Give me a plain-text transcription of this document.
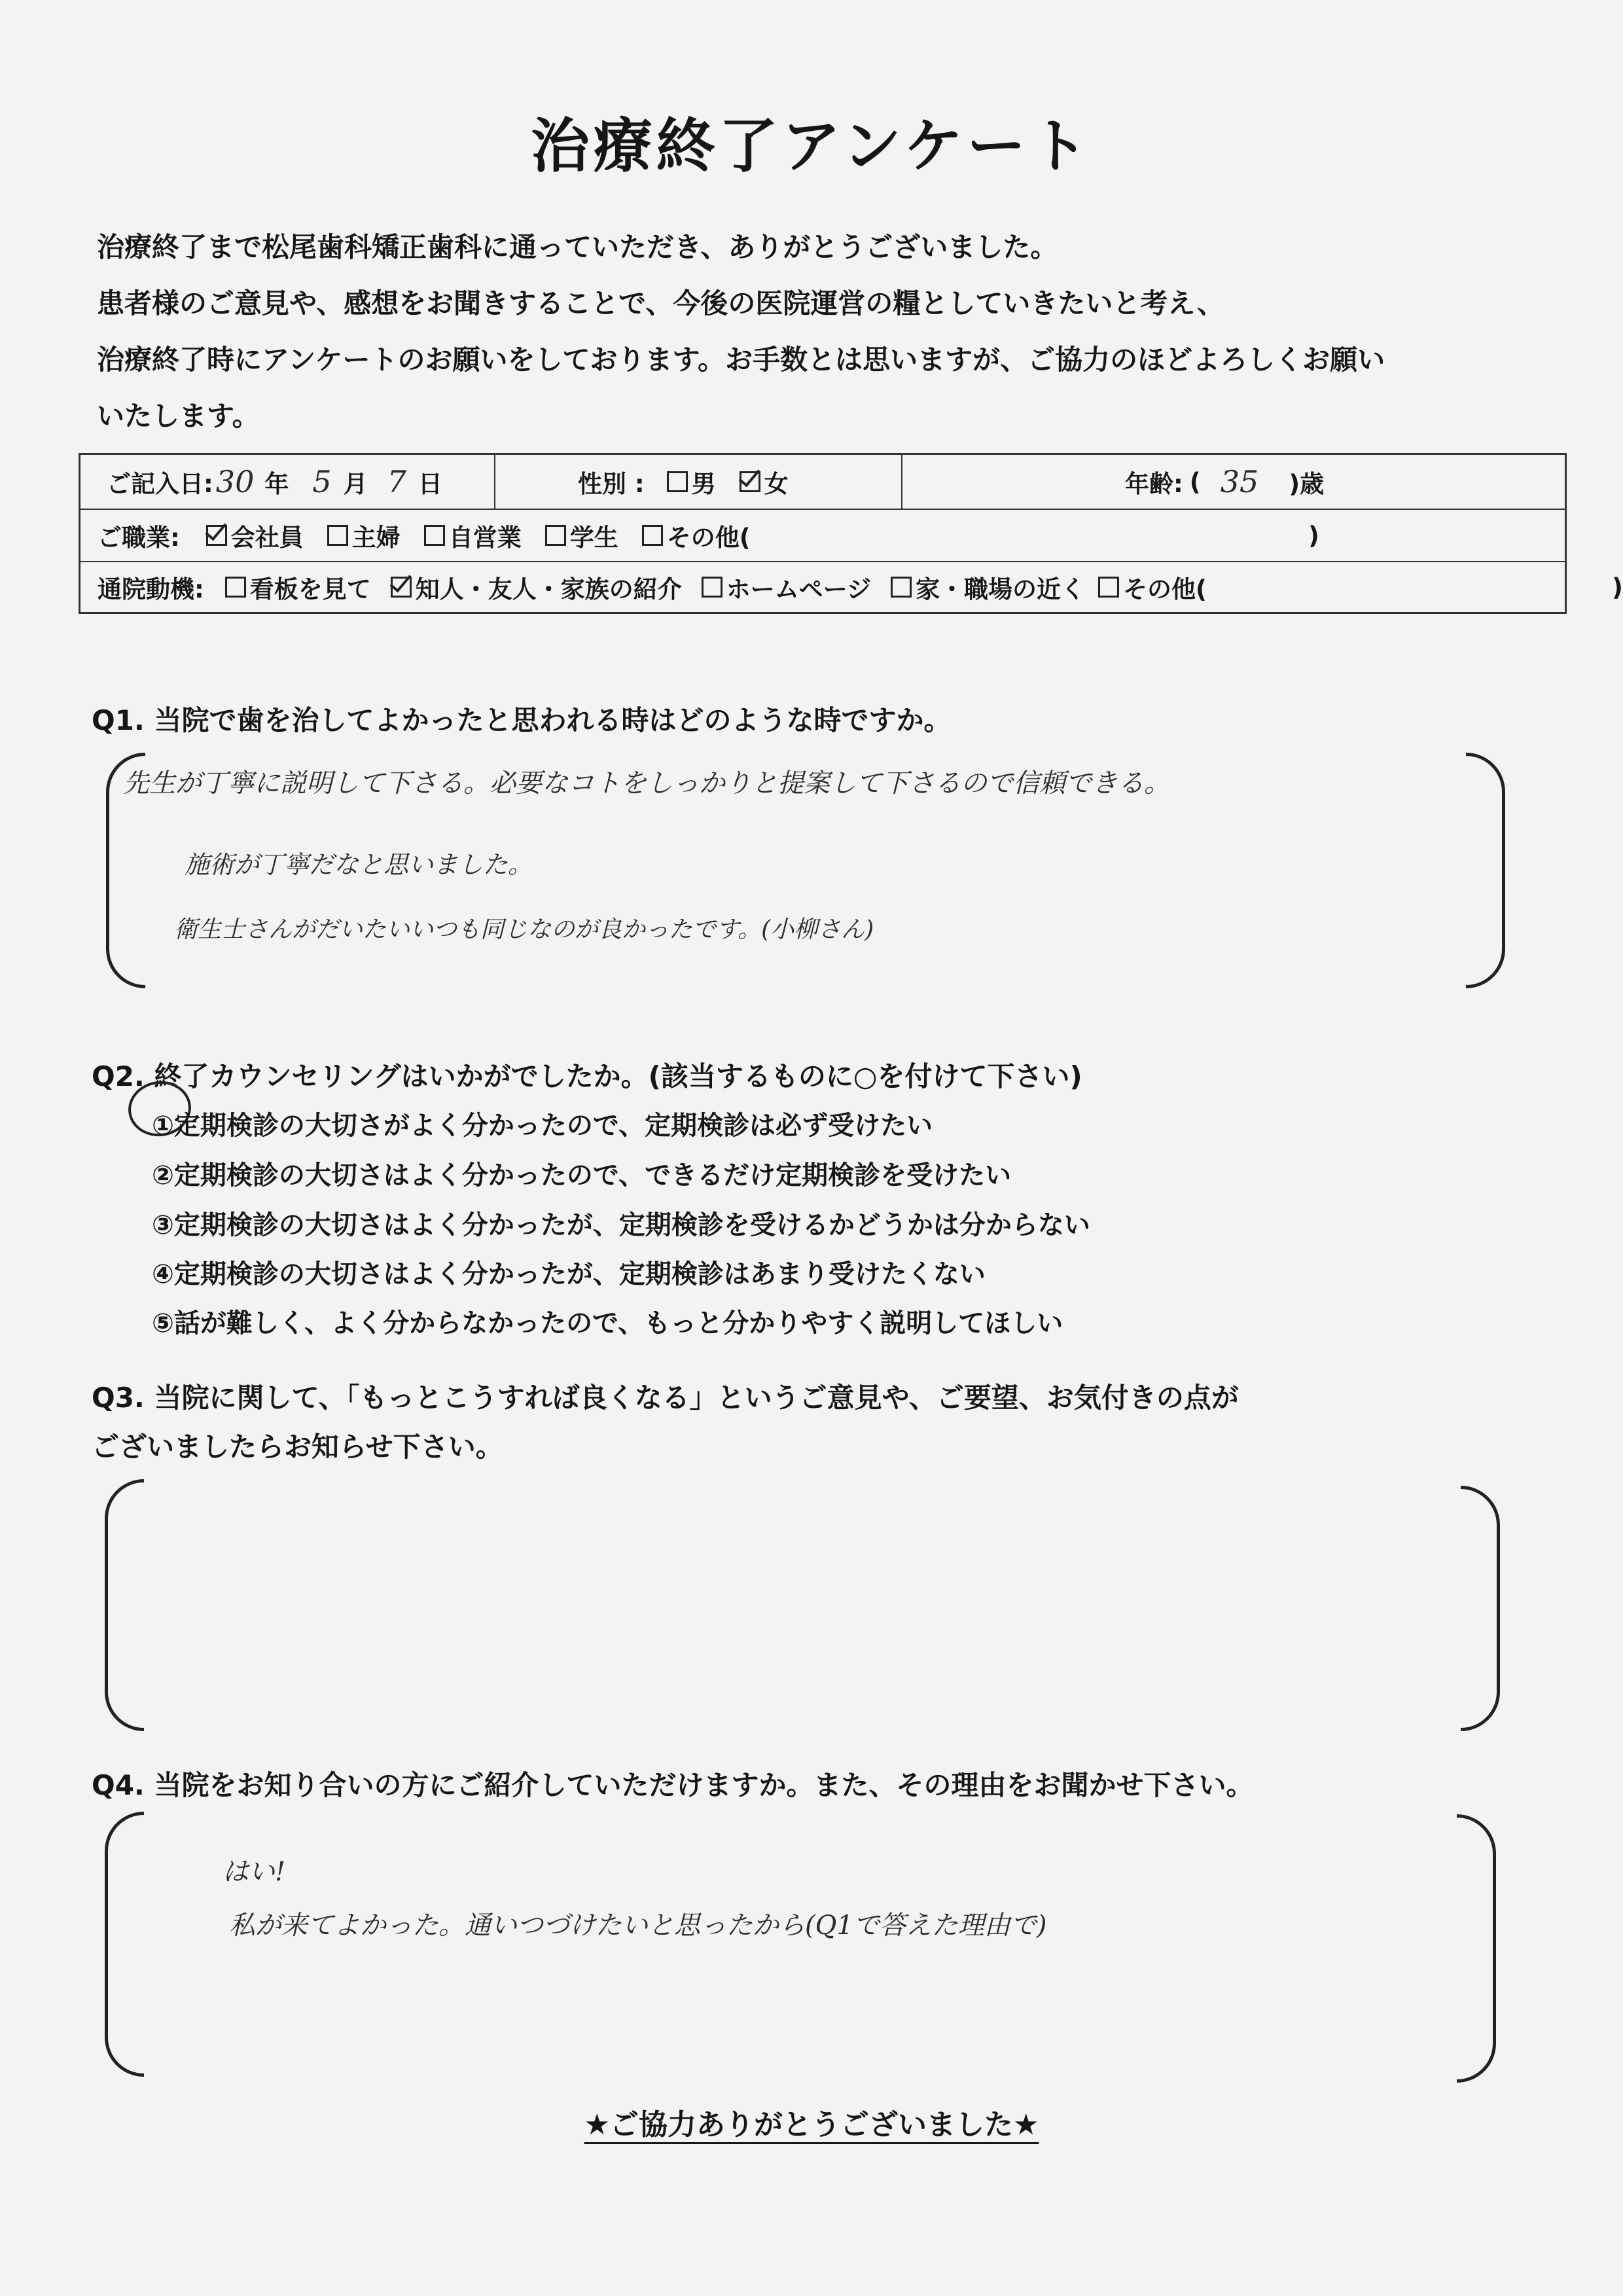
治療終了アンケート
治療終了まで松尾歯科矯正歯科に通っていただき、ありがとうございました。
患者様のご意見や、感想をお聞きすることで、今後の医院運営の糧としていきたいと考え、
治療終了時にアンケートのお願いをしております。お手数とは思いますが、ご協力のほどよろしくお願い
いたします。
ご記入日: 30 年 5 月 7 日	性別 : 男 女	年齢: ( 35 )歳
ご職業: 会社員 主婦 自営業 学生 その他(	)
通院動機: 看板を見て 知人・友人・家族の紹介 ホームページ 家・職場の近く その他(	)
Q1. 当院で歯を治してよかったと思われる時はどのような時ですか。
先生が丁寧に説明して下さる。必要なコトをしっかりと提案して下さるので信頼できる。
施術が丁寧だなと思いました。
衛生士さんがだいたいいつも同じなのが良かったです。(小柳さん)
Q2. 終了カウンセリングはいかがでしたか。(該当するものに○を付けて下さい)
①定期検診の大切さがよく分かったので、定期検診は必ず受けたい
②定期検診の大切さはよく分かったので、できるだけ定期検診を受けたい
③定期検診の大切さはよく分かったが、定期検診を受けるかどうかは分からない
④定期検診の大切さはよく分かったが、定期検診はあまり受けたくない
⑤話が難しく、よく分からなかったので、もっと分かりやすく説明してほしい
Q3. 当院に関して、「もっとこうすれば良くなる」というご意見や、ご要望、お気付きの点が
ございましたらお知らせ下さい。
Q4. 当院をお知り合いの方にご紹介していただけますか。また、その理由をお聞かせ下さい。
はい!
私が来てよかった。通いつづけたいと思ったから(Q1で答えた理由で)
★ご協力ありがとうございました★
